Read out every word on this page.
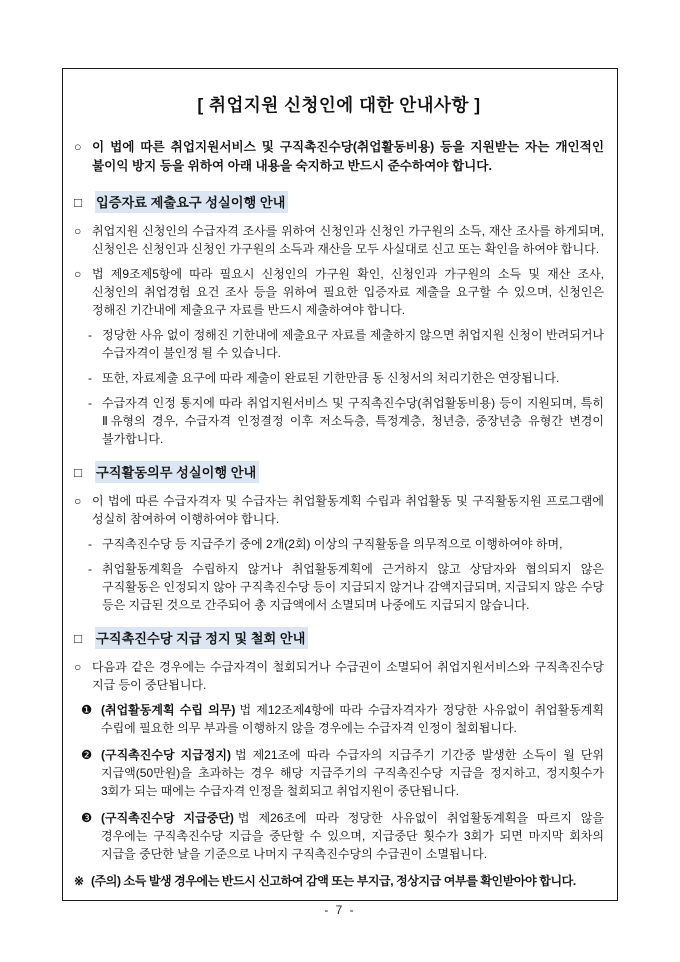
[ 취업지원 신청인에 대한 안내사항 ]
○ 이 법에 따른 취업지원서비스 및 구직촉진수당(취업활동비용) 등을 지원받는 자는 개인적인 불이익 방지 등을 위하여 아래 내용을 숙지하고 반드시 준수하여야 합니다.
□	입증자료 제출요구 성실이행 안내
○ 취업지원 신청인의 수급자격 조사를 위하여 신청인과 신청인 가구원의 소득, 재산 조사를 하게되며, 신청인은 신청인과 신청인 가구원의 소득과 재산을 모두 사실대로 신고 또는 확인을 하여야 합니다.
○ 법 제9조제5항에 따라 필요시 신청인의 가구원 확인, 신청인과 가구원의 소득 및 재산 조사, 신청인의 취업경험 요건 조사 등을 위하여 필요한 입증자료 제출을 요구할 수 있으며, 신청인은 정해진 기간내에 제출요구 자료를 반드시 제출하여야 합니다.
- 정당한 사유 없이 정해진 기한내에 제출요구 자료를 제출하지 않으면 취업지원 신청이 반려되거나 수급자격이 불인정 될 수 있습니다.
- 또한, 자료제출 요구에 따라 제출이 완료된 기한만큼 동 신청서의 처리기한은 연장됩니다.
- 수급자격 인정 통지에 따라 취업지원서비스 및 구직촉진수당(취업활동비용) 등이 지원되며, 특히 Ⅱ유형의 경우, 수급자격 인정결정 이후 저소득층, 특정계층, 청년층, 중장년층 유형간 변경이 불가합니다.
□	구직활동의무 성실이행 안내
○ 이 법에 따른 수급자격자 및 수급자는 취업활동계획 수립과 취업활동 및 구직활동지원 프로그램에 성실히 참여하여 이행하여야 합니다.
- 구직촉진수당 등 지급주기 중에 2개(2회) 이상의 구직활동을 의무적으로 이행하여야 하며,
- 취업활동계획을 수립하지 않거나 취업활동계획에 근거하지 않고 상담자와 협의되지 않은 구직활동은 인정되지 않아 구직촉진수당 등이 지급되지 않거나 감액지급되며, 지급되지 않은 수당 등은 지급된 것으로 간주되어 총 지급액에서 소멸되며 나중에도 지급되지 않습니다.
□	구직촉진수당 지급 정지 및 철회 안내
○ 다음과 같은 경우에는 수급자격이 철회되거나 수급권이 소멸되어 취업지원서비스와 구직촉진수당 지급 등이 중단됩니다.
❶ (취업활동계획 수립 의무) 법 제12조제4항에 따라 수급자격자가 정당한 사유없이 취업활동계획 수립에 필요한 의무 부과를 이행하지 않을 경우에는 수급자격 인정이 철회됩니다.
❷ (구직촉진수당 지급정지) 법 제21조에 따라 수급자의 지급주기 기간중 발생한 소득이 월 단위 지급액(50만원)을 초과하는 경우 해당 지급주기의 구직촉진수당 지급을 정지하고, 정지횟수가 3회가 되는 때에는 수급자격 인정을 철회되고 취업지원이 중단됩니다.
❸ (구직촉진수당 지급중단) 법 제26조에 따라 정당한 사유없이 취업활동계획을 따르지 않을 경우에는 구직촉진수당 지급을 중단할 수 있으며, 지급중단 횟수가 3회가 되면 마지막 회차의 지급을 중단한 날을 기준으로 나머지 구직촉진수당의 수급권이 소멸됩니다.
※ (주의) 소득 발생 경우에는 반드시 신고하여 감액 또는 부지급, 정상지급 여부를 확인받아야 합니다.
- 7 -
